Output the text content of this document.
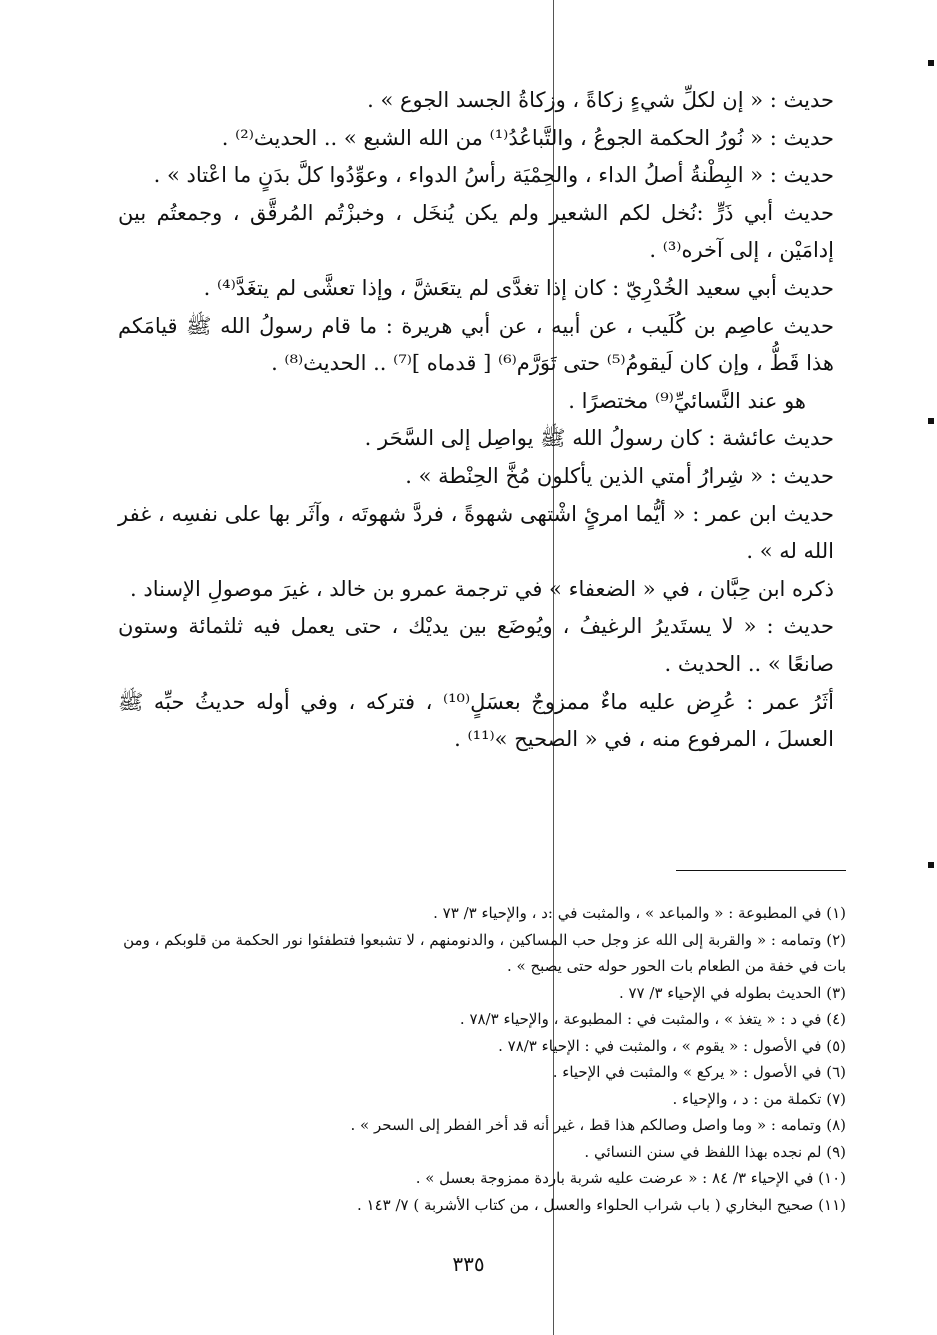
حديث : « إن لكلِّ شيءٍ زكاةً ، وزكاةُ الجسد الجوع » .

حديث : « نُورُ الحكمة الجوعُ ، والتَّباعُدُ⁽¹⁾ من الله الشبع » .. الحديث⁽²⁾ .

حديث : « البِطْنةُ أصلُ الداء ، والحِمْيَة رأسُ الدواء ، وعوِّدُوا كلَّ بدَنٍ ما اعْتاد » .

حديث أبي ذَرٍّ :نُخل لكم الشعير ولم يكن يُنخَل ، وخبزْتُم المُرقَّق ، وجمعتُم بين إدامَيْن ، إلى آخره⁽³⁾ .

حديث أبي سعيد الخُدْرِيّ : كان إذا تغدَّى لم يتعَشَّ ، وإذا تعشَّى لم يتغَدَّ⁽⁴⁾ .

حديث عاصِم بن كُلَيب ، عن أبيه ، عن أبي هريرة : ما قام رسولُ الله ﷺ قيامَكم هذا قَطُّ ، وإن كان لَيقومُ⁽⁵⁾ حتى تَوَرَّم⁽⁶⁾ [ قدماه ]⁽⁷⁾ .. الحديث⁽⁸⁾ .

هو عند النَّسائيِّ⁽⁹⁾ مختصرًا .

حديث عائشة : كان رسولُ الله ﷺ يواصِل إلى السَّحَر .

حديث : « شِرارُ أمتي الذين يأكلون مُخَّ الحِنْطة » .

حديث ابن عمر : « أيُّما امرئٍ اشْتهى شهوةً ، فردَّ شهوتَه ، وآثَر بها على نفسِه ، غفر الله له » .

ذكره ابن حِبَّان ، في « الضعفاء » في ترجمة عمرو بن خالد ، غيرَ موصولِ الإسناد .

حديث : « لا يستَديرُ الرغيفُ ، ويُوضَع بين يديْك ، حتى يعمل فيه ثلثمائة وستون صانعًا » .. الحديث .

أثَرُ عمر : عُرِض عليه ماءٌ ممزوجٌ بعسَلٍ⁽¹⁰⁾ ، فتركه ، وفي أوله حديثُ حبِّه ﷺ العسلَ ، المرفوع منه ، في « الصحيح »⁽¹¹⁾ .

(١) في المطبوعة : « والمباعد » ، والمثبت في :د ، والإحياء ٣/ ٧٣ .

(٢) وتمامه : « والقربة إلى الله عز وجل حب المساكين ، والدنومنهم ، لا تشبعوا فتطفئوا نور الحكمة من قلوبكم ، ومن بات في خفة من الطعام بات الحور حوله حتى يصبح » .

(٣) الحديث بطوله في الإحياء ٣/ ٧٧ .

(٤) في د : « يتغذ » ، والمثبت في : المطبوعة ، والإحياء ٧٨/٣ .

(٥) في الأصول : « يقوم » ، والمثبت في : الإحياء ٧٨/٣ .

(٦) في الأصول : « يركع » والمثبت في الإحياء .

(٧) تكملة من : د ، والإحياء .

(٨) وتمامه : « وما واصل وصالكم هذا قط ، غير أنه قد أخر الفطر إلى السحر » .

(٩) لم نجده بهذا اللفظ في سنن النسائي .

(١٠) في الإحياء ٣/ ٨٤ : « عرضت عليه شربة باردة ممزوجة بعسل » .

(١١) صحيح البخاري ( باب شراب الحلواء والعسل ، من كتاب الأشربة ) ٧/ ١٤٣ .

٣٣٥
